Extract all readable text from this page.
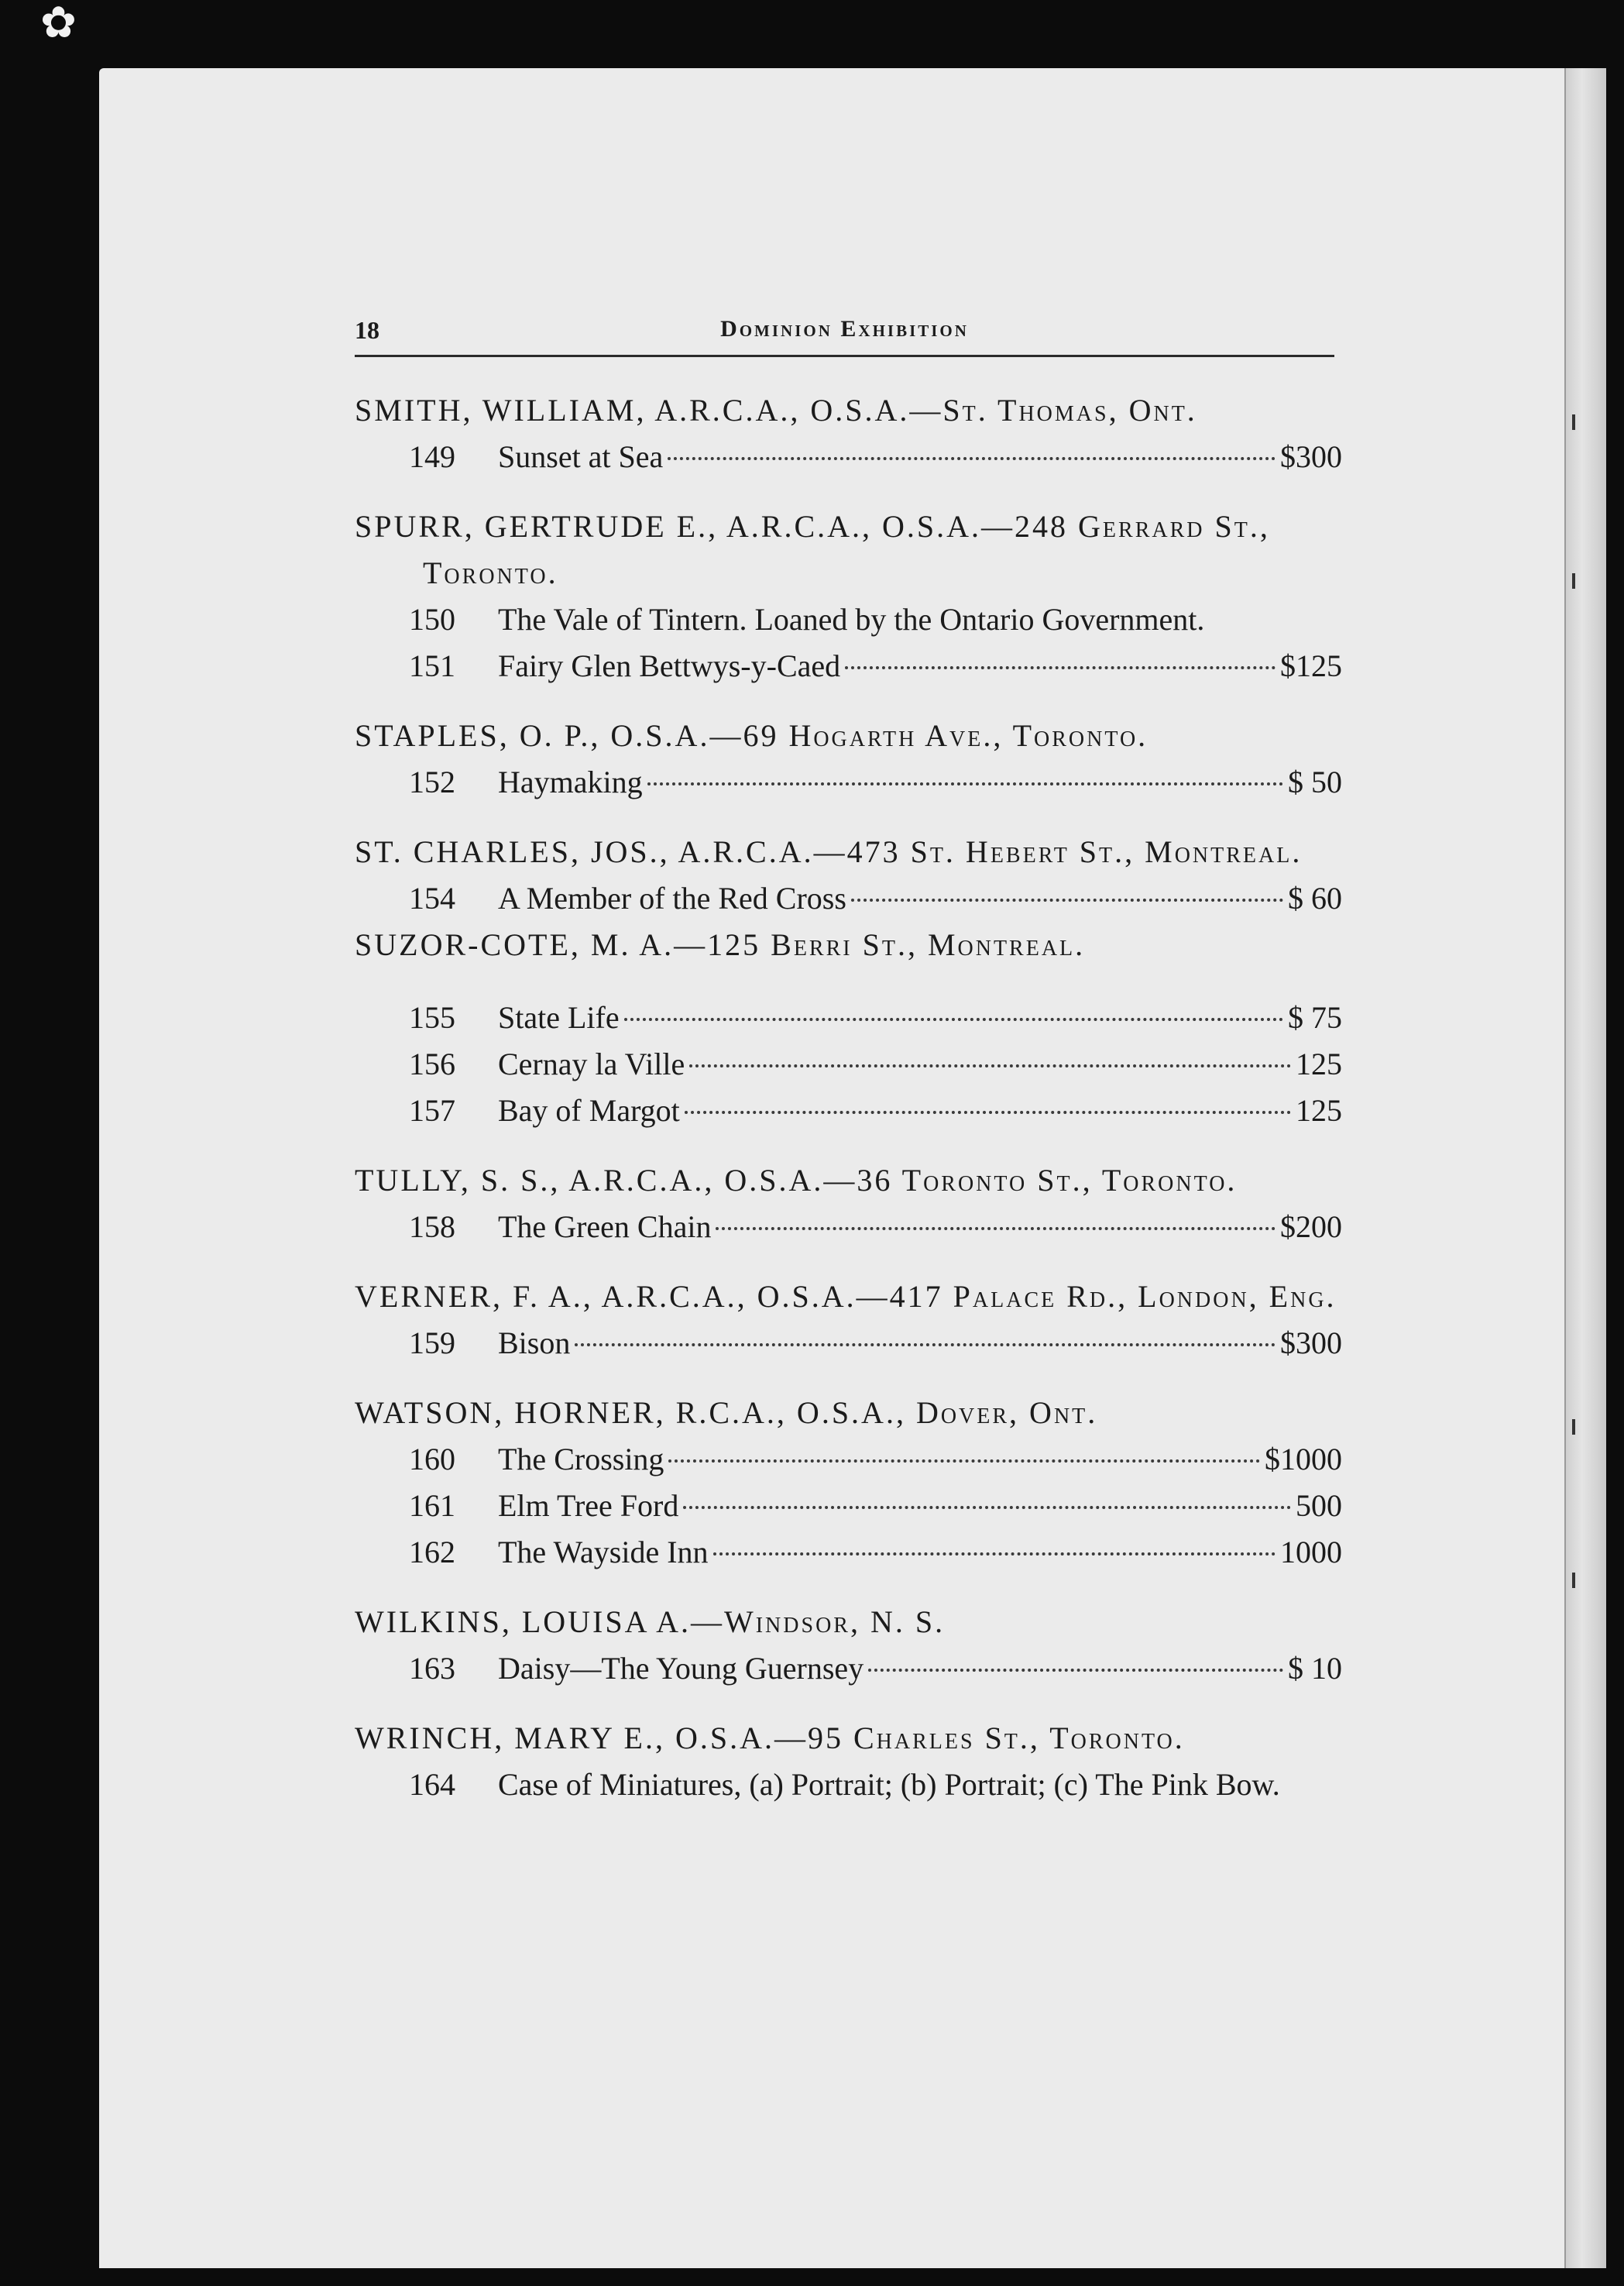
✿
18	Dominion Exhibition
SMITH, WILLIAM, A.R.C.A., O.S.A.—St. Thomas, Ont.
149	Sunset at Sea	$300
SPURR, GERTRUDE E., A.R.C.A., O.S.A.—248 Gerrard St., Toronto.
150	The Vale of Tintern. Loaned by the Ontario Government.
151	Fairy Glen Bettwys-y-Caed	$125
STAPLES, O. P., O.S.A.—69 Hogarth Ave., Toronto.
152	Haymaking	$ 50
ST. CHARLES, JOS., A.R.C.A.—473 St. Hebert St., Montreal.
154	A Member of the Red Cross	$ 60
SUZOR-COTE, M. A.—125 Berri St., Montreal.
155	State Life	$ 75
156	Cernay la Ville	125
157	Bay of Margot	125
TULLY, S. S., A.R.C.A., O.S.A.—36 Toronto St., Toronto.
158	The Green Chain	$200
VERNER, F. A., A.R.C.A., O.S.A.—417 Palace Rd., London, Eng.
159	Bison	$300
WATSON, HORNER, R.C.A., O.S.A., Dover, Ont.
160	The Crossing	$1000
161	Elm Tree Ford	500
162	The Wayside Inn	1000
WILKINS, LOUISA A.—Windsor, N. S.
163	Daisy—The Young Guernsey	$ 10
WRINCH, MARY E., O.S.A.—95 Charles St., Toronto.
164	Case of Miniatures, (a) Portrait; (b) Portrait; (c) The Pink Bow.
